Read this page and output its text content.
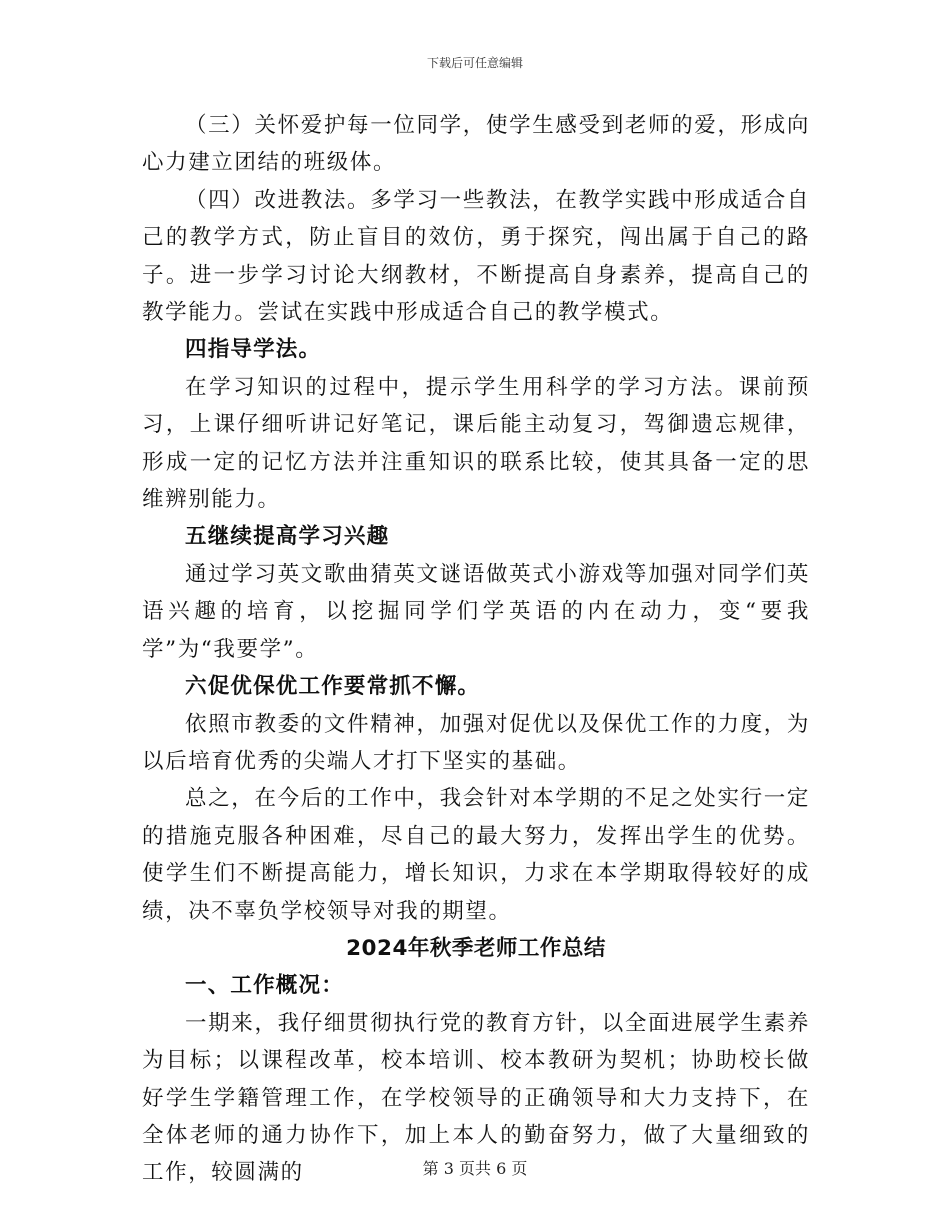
下载后可任意编辑

（三）关怀爱护每一位同学，使学生感受到老师的爱，形成向心力建立团结的班级体。

（四）改进教法。多学习一些教法，在教学实践中形成适合自己的教学方式，防止盲目的效仿，勇于探究，闯出属于自己的路子。进一步学习讨论大纲教材，不断提高自身素养，提高自己的教学能力。尝试在实践中形成适合自己的教学模式。

四指导学法。

在学习知识的过程中，提示学生用科学的学习方法。课前预习，上课仔细听讲记好笔记，课后能主动复习，驾御遗忘规律，形成一定的记忆方法并注重知识的联系比较，使其具备一定的思维辨别能力。

五继续提高学习兴趣

通过学习英文歌曲猜英文谜语做英式小游戏等加强对同学们英语兴趣的培育，以挖掘同学们学英语的内在动力，变“要我学”为“我要学”。

六促优保优工作要常抓不懈。

依照市教委的文件精神，加强对促优以及保优工作的力度，为以后培育优秀的尖端人才打下坚实的基础。

总之，在今后的工作中，我会针对本学期的不足之处实行一定的措施克服各种困难，尽自己的最大努力，发挥出学生的优势。使学生们不断提高能力，增长知识，力求在本学期取得较好的成绩，决不辜负学校领导对我的期望。

2024年秋季老师工作总结

一、工作概况：

一期来，我仔细贯彻执行党的教育方针，以全面进展学生素养为目标；以课程改革，校本培训、校本教研为契机；协助校长做好学生学籍管理工作，在学校领导的正确领导和大力支持下，在全体老师的通力协作下，加上本人的勤奋努力，做了大量细致的工作，较圆满的	第 3 页共 6 页
